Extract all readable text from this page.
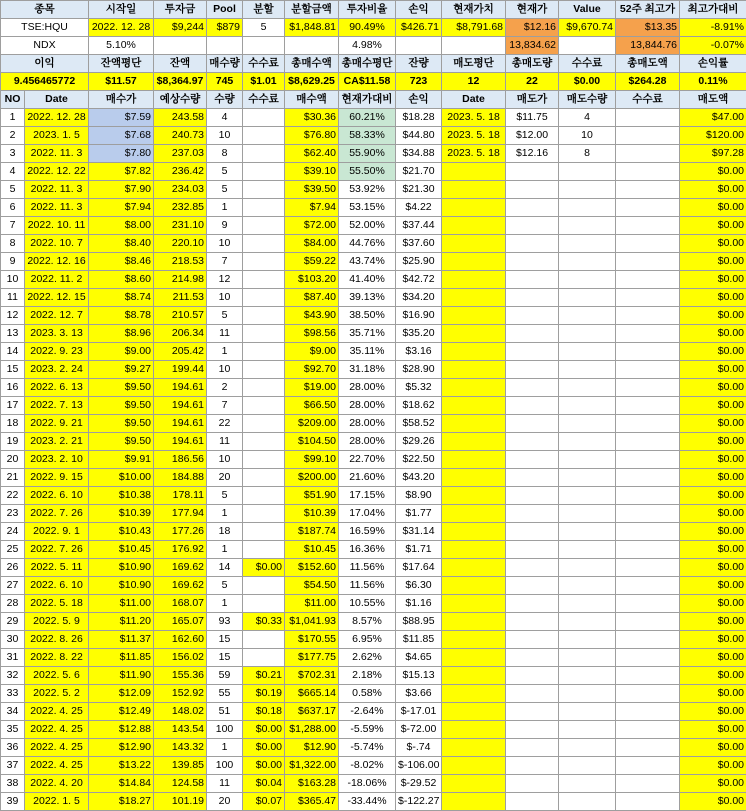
종목		시작일	투자금	Pool	분할	분할금액	투자비율	손익	현재가치	현재가	Value	52주 최고가	최고가대비
TSE:HQU		2022. 12. 28	$9,244	$879	5	$1,848.81	90.49%	$426.71	$8,791.68	$12.16	$9,670.74	$13.35	-8.91%
NDX		5.10%					4.98%			13,834.62		13,844.76	-0.07%
이익		잔액평단	잔액	매수량	수수료	총매수액	총매수평단	잔량	매도평단	총매도량	수수료	총매도액	손익률
9.456465772		$11.57	$8,364.97	745	$1.01	$8,629.25	CA$11.58	723	12	22	$0.00	$264.28	0.11%
NO	Date	매수가	예상수량	수량	수수료	매수액	현재가대비	손익	Date	매도가	매도수량	수수료	매도액
1	2022. 12. 28	$7.59	243.58	4		$30.36	60.21%	$18.28	2023. 5. 18	$11.75	4		$47.00
2	2023. 1. 5	$7.68	240.73	10		$76.80	58.33%	$44.80	2023. 5. 18	$12.00	10		$120.00
3	2022. 11. 3	$7.80	237.03	8		$62.40	55.90%	$34.88	2023. 5. 18	$12.16	8		$97.28
4	2022. 12. 22	$7.82	236.42	5		$39.10	55.50%	$21.70					$0.00
5	2022. 11. 3	$7.90	234.03	5		$39.50	53.92%	$21.30					$0.00
6	2022. 11. 3	$7.94	232.85	1		$7.94	53.15%	$4.22					$0.00
7	2022. 10. 11	$8.00	231.10	9		$72.00	52.00%	$37.44					$0.00
8	2022. 10. 7	$8.40	220.10	10		$84.00	44.76%	$37.60					$0.00
9	2022. 12. 16	$8.46	218.53	7		$59.22	43.74%	$25.90					$0.00
10	2022. 11. 2	$8.60	214.98	12		$103.20	41.40%	$42.72					$0.00
11	2022. 12. 15	$8.74	211.53	10		$87.40	39.13%	$34.20					$0.00
12	2022. 12. 7	$8.78	210.57	5		$43.90	38.50%	$16.90					$0.00
13	2023. 3. 13	$8.96	206.34	11		$98.56	35.71%	$35.20					$0.00
14	2022. 9. 23	$9.00	205.42	1		$9.00	35.11%	$3.16					$0.00
15	2023. 2. 24	$9.27	199.44	10		$92.70	31.18%	$28.90					$0.00
16	2022. 6. 13	$9.50	194.61	2		$19.00	28.00%	$5.32					$0.00
17	2022. 7. 13	$9.50	194.61	7		$66.50	28.00%	$18.62					$0.00
18	2022. 9. 21	$9.50	194.61	22		$209.00	28.00%	$58.52					$0.00
19	2023. 2. 21	$9.50	194.61	11		$104.50	28.00%	$29.26					$0.00
20	2023. 2. 10	$9.91	186.56	10		$99.10	22.70%	$22.50					$0.00
21	2022. 9. 15	$10.00	184.88	20		$200.00	21.60%	$43.20					$0.00
22	2022. 6. 10	$10.38	178.11	5		$51.90	17.15%	$8.90					$0.00
23	2022. 7. 26	$10.39	177.94	1		$10.39	17.04%	$1.77					$0.00
24	2022. 9. 1	$10.43	177.26	18		$187.74	16.59%	$31.14					$0.00
25	2022. 7. 26	$10.45	176.92	1		$10.45	16.36%	$1.71					$0.00
26	2022. 5. 11	$10.90	169.62	14	$0.00	$152.60	11.56%	$17.64					$0.00
27	2022. 6. 10	$10.90	169.62	5		$54.50	11.56%	$6.30					$0.00
28	2022. 5. 18	$11.00	168.07	1		$11.00	10.55%	$1.16					$0.00
29	2022. 5. 9	$11.20	165.07	93	$0.33	$1,041.93	8.57%	$88.95					$0.00
30	2022. 8. 26	$11.37	162.60	15		$170.55	6.95%	$11.85					$0.00
31	2022. 8. 22	$11.85	156.02	15		$177.75	2.62%	$4.65					$0.00
32	2022. 5. 6	$11.90	155.36	59	$0.21	$702.31	2.18%	$15.13					$0.00
33	2022. 5. 2	$12.09	152.92	55	$0.19	$665.14	0.58%	$3.66					$0.00
34	2022. 4. 25	$12.49	148.02	51	$0.18	$637.17	-2.64%	$-17.01					$0.00
35	2022. 4. 25	$12.88	143.54	100	$0.00	$1,288.00	-5.59%	$-72.00					$0.00
36	2022. 4. 25	$12.90	143.32	1	$0.00	$12.90	-5.74%	$-.74					$0.00
37	2022. 4. 25	$13.22	139.85	100	$0.00	$1,322.00	-8.02%	$-106.00					$0.00
38	2022. 4. 20	$14.84	124.58	11	$0.04	$163.28	-18.06%	$-29.52					$0.00
39	2022. 1. 5	$18.27	101.19	20	$0.07	$365.47	-33.44%	$-122.27					$0.00
